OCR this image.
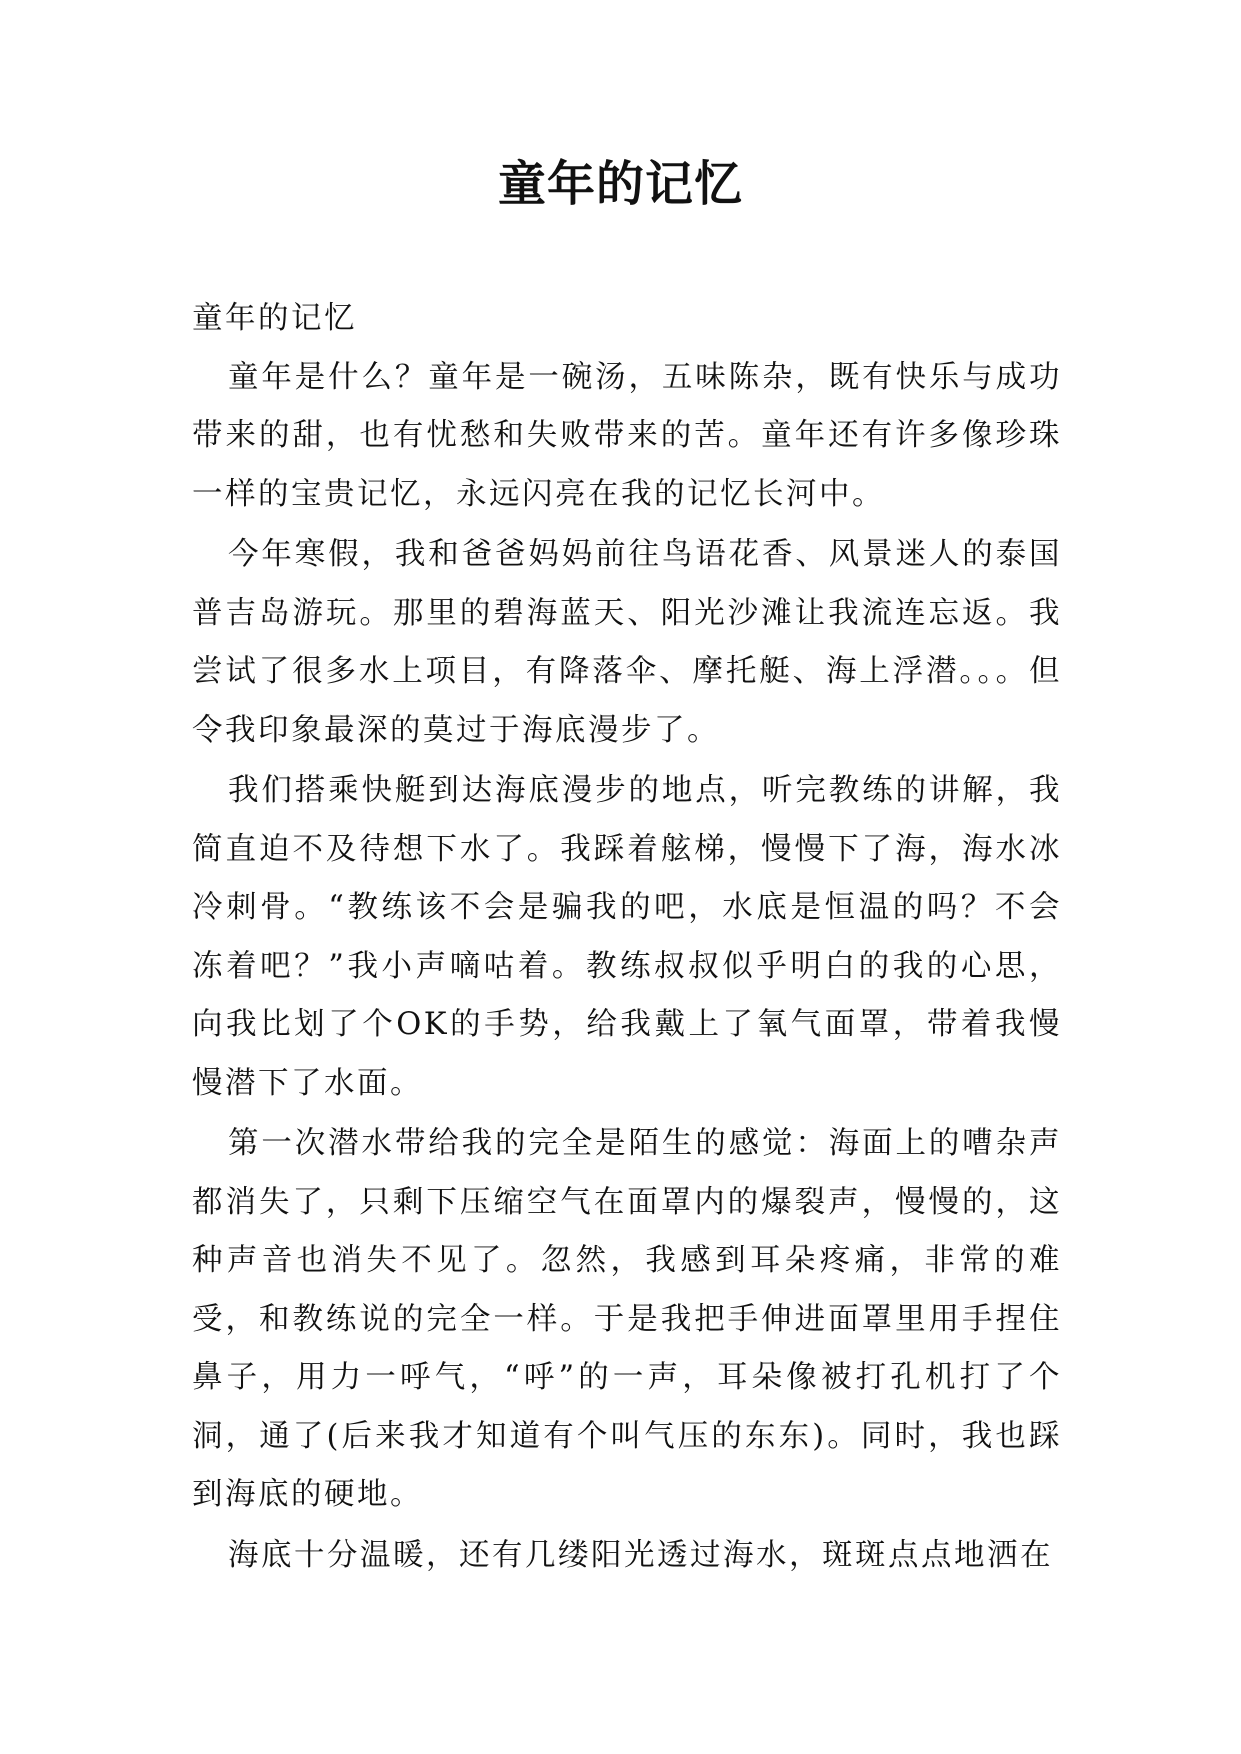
童年的记忆

童年的记忆

童年是什么？童年是一碗汤，五味陈杂，既有快乐与成功带来的甜，也有忧愁和失败带来的苦。童年还有许多像珍珠一样的宝贵记忆，永远闪亮在我的记忆长河中。

今年寒假，我和爸爸妈妈前往鸟语花香、风景迷人的泰国普吉岛游玩。那里的碧海蓝天、阳光沙滩让我流连忘返。我尝试了很多水上项目，有降落伞、摩托艇、海上浮潜。。。但令我印象最深的莫过于海底漫步了。

我们搭乘快艇到达海底漫步的地点，听完教练的讲解，我简直迫不及待想下水了。我踩着舷梯，慢慢下了海，海水冰冷刺骨。“教练该不会是骗我的吧，水底是恒温的吗？不会冻着吧？”我小声嘀咕着。教练叔叔似乎明白的我的心思，向我比划了个OK的手势，给我戴上了氧气面罩，带着我慢慢潜下了水面。

第一次潜水带给我的完全是陌生的感觉：海面上的嘈杂声都消失了，只剩下压缩空气在面罩内的爆裂声，慢慢的，这种声音也消失不见了。忽然，我感到耳朵疼痛，非常的难受，和教练说的完全一样。于是我把手伸进面罩里用手捏住鼻子，用力一呼气，“呼”的一声，耳朵像被打孔机打了个洞，通了(后来我才知道有个叫气压的东东)。同时，我也踩到海底的硬地。

海底十分温暖，还有几缕阳光透过海水，斑斑点点地洒在
